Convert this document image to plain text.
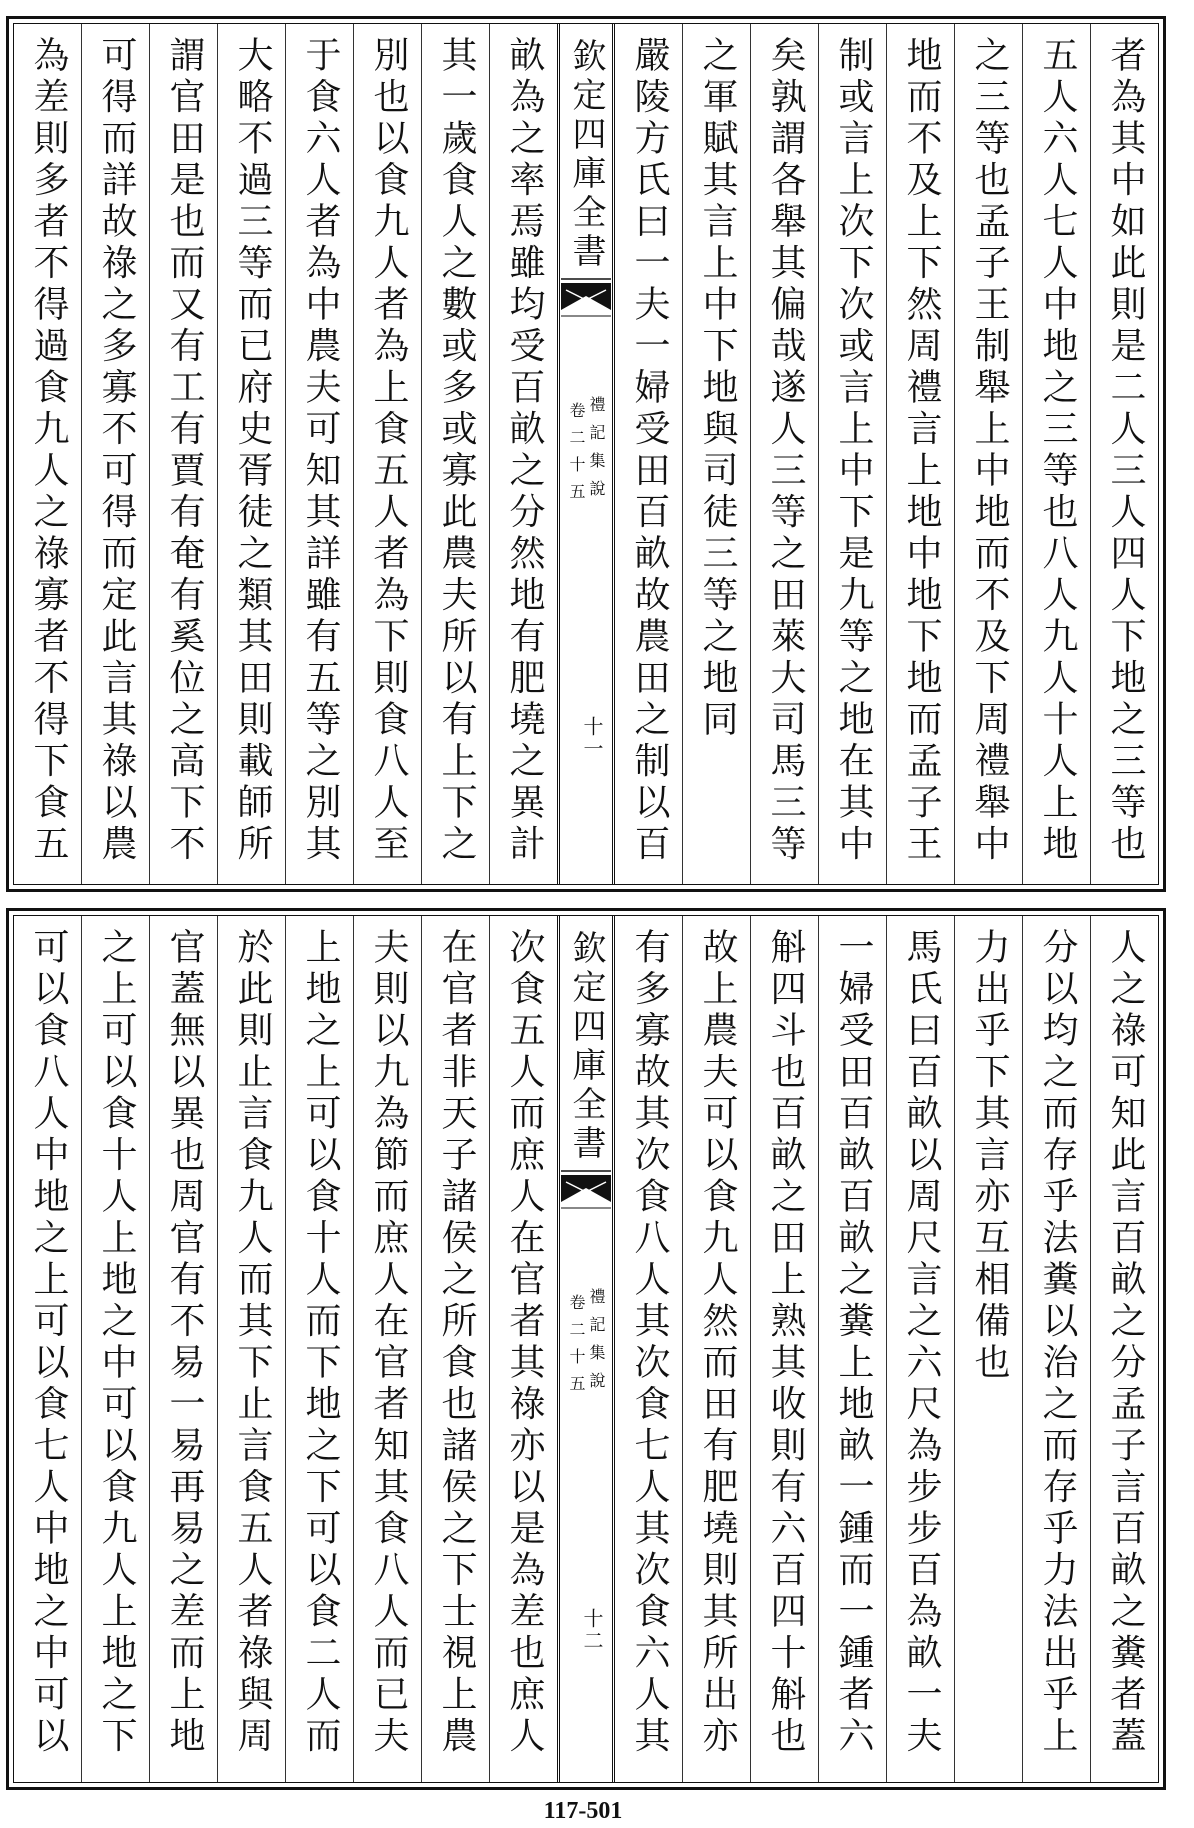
者為其中如此則是二人三人四人下地之三等也
五人六人七人中地之三等也八人九人十人上地
之三等也孟子王制舉上中地而不及下周禮舉中
地而不及上下然周禮言上地中地下地而孟子王
制或言上次下次或言上中下是九等之地在其中
矣孰謂各舉其偏哉遂人三等之田萊大司馬三等
之軍賦其言上中下地與司徒三等之地同
嚴陵方氏曰一夫一婦受田百畝故農田之制以百
欽定四庫全書
禮記集說
卷二十五
十一
畝為之率焉雖均受百畝之分然地有肥墝之異計
其一歲食人之數或多或寡此農夫所以有上下之
別也以食九人者為上食五人者為下則食八人至
于食六人者為中農夫可知其詳雖有五等之別其
大略不過三等而已府史胥徒之類其田則載師所
謂官田是也而又有工有賈有奄有奚位之高下不
可得而詳故祿之多寡不可得而定此言其祿以農
為差則多者不得過食九人之祿寡者不得下食五
人之祿可知此言百畝之分孟子言百畝之糞者蓋
分以均之而存乎法糞以治之而存乎力法出乎上
力出乎下其言亦互相備也
馬氏曰百畝以周尺言之六尺為步步百為畝一夫
一婦受田百畝百畝之糞上地畝一鍾而一鍾者六
斛四斗也百畝之田上熟其收則有六百四十斛也
故上農夫可以食九人然而田有肥墝則其所出亦
有多寡故其次食八人其次食七人其次食六人其
欽定四庫全書
禮記集說
卷二十五
十二
次食五人而庶人在官者其祿亦以是為差也庶人
在官者非天子諸侯之所食也諸侯之下士視上農
夫則以九為節而庶人在官者知其食八人而已夫
上地之上可以食十人而下地之下可以食二人而
於此則止言食九人而其下止言食五人者祿與周
官蓋無以異也周官有不易一易再易之差而上地
之上可以食十人上地之中可以食九人上地之下
可以食八人中地之上可以食七人中地之中可以
117-501
